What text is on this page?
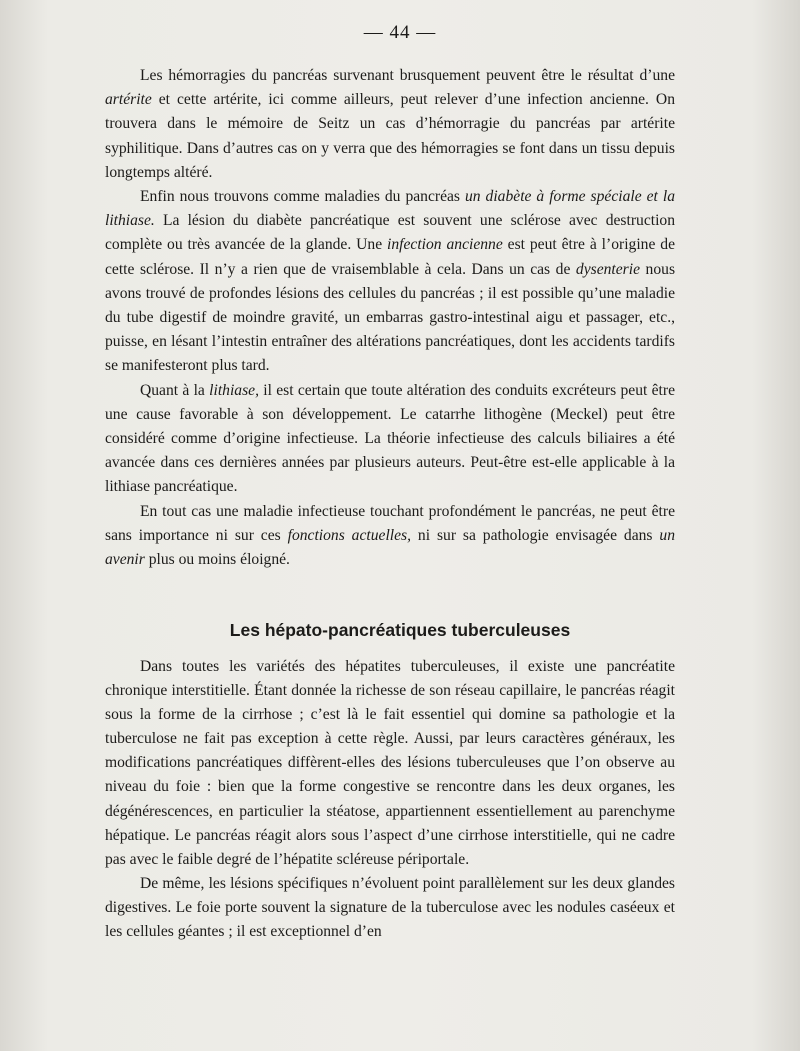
— 44 —

Les hémorragies du pancréas survenant brusquement peuvent être le résultat d’une artérite et cette artérite, ici comme ailleurs, peut relever d’une infection ancienne. On trouvera dans le mémoire de Seitz un cas d’hémorragie du pancréas par artérite syphilitique. Dans d’autres cas on y verra que des hémorragies se font dans un tissu depuis longtemps altéré.

Enfin nous trouvons comme maladies du pancréas un diabète à forme spéciale et la lithiase. La lésion du diabète pancréatique est souvent une sclérose avec destruction complète ou très avancée de la glande. Une infection ancienne est peut être à l’origine de cette sclérose. Il n’y a rien que de vraisemblable à cela. Dans un cas de dysenterie nous avons trouvé de profondes lésions des cellules du pancréas ; il est possible qu’une maladie du tube digestif de moindre gravité, un embarras gastro-intestinal aigu et passager, etc., puisse, en lésant l’intestin entraîner des altérations pancréatiques, dont les accidents tardifs se manifesteront plus tard.

Quant à la lithiase, il est certain que toute altération des conduits excréteurs peut être une cause favorable à son développement. Le catarrhe lithogène (Meckel) peut être considéré comme d’origine infectieuse. La théorie infectieuse des calculs biliaires a été avancée dans ces dernières années par plusieurs auteurs. Peut-être est-elle applicable à la lithiase pancréatique.

En tout cas une maladie infectieuse touchant profondément le pancréas, ne peut être sans importance ni sur ces fonctions actuelles, ni sur sa pathologie envisagée dans un avenir plus ou moins éloigné.

Les hépato-pancréatiques tuberculeuses

Dans toutes les variétés des hépatites tuberculeuses, il existe une pancréatite chronique interstitielle. Étant donnée la richesse de son réseau capillaire, le pancréas réagit sous la forme de la cirrhose ; c’est là le fait essentiel qui domine sa pathologie et la tuberculose ne fait pas exception à cette règle. Aussi, par leurs caractères généraux, les modifications pancréatiques diffèrent-elles des lésions tuberculeuses que l’on observe au niveau du foie : bien que la forme congestive se rencontre dans les deux organes, les dégénérescences, en particulier la stéatose, appartiennent essentiellement au parenchyme hépatique. Le pancréas réagit alors sous l’aspect d’une cirrhose interstitielle, qui ne cadre pas avec le faible degré de l’hépatite scléreuse périportale.

De même, les lésions spécifiques n’évoluent point parallèlement sur les deux glandes digestives. Le foie porte souvent la signature de la tuberculose avec les nodules caséeux et les cellules géantes ; il est exceptionnel d’en
